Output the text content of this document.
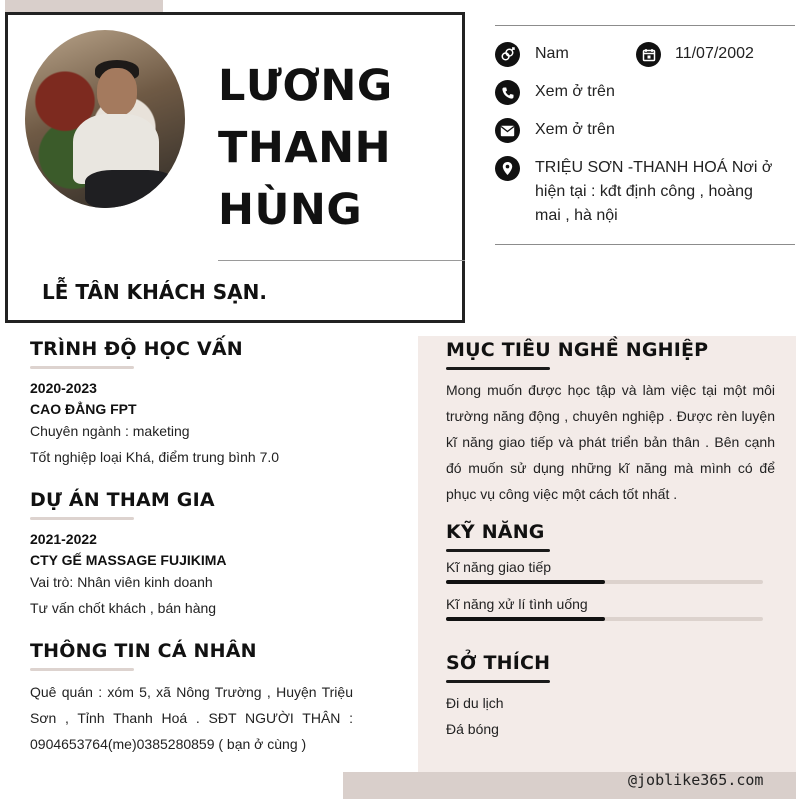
LƯƠNG
THANH
HÙNG
LỄ TÂN KHÁCH SẠN.
Nam	11/07/2002
Xem ở trên
Xem ở trên
TRIỆU SƠN -THANH HOÁ Nơi ở hiện tại : kđt định công , hoàng mai , hà nội
TRÌNH ĐỘ HỌC VẤN
2020-2023
CAO ĐẲNG FPT
Chuyên ngành : maketing
Tốt nghiệp loại Khá, điểm trung bình 7.0
DỰ ÁN THAM GIA
2021-2022
CTY GẾ MASSAGE FUJIKIMA
Vai trò: Nhân viên kinh doanh
Tư vấn chốt khách , bán hàng
THÔNG TIN CÁ NHÂN
Quê quán : xóm 5, xã Nông Trường , Huyện Triệu Sơn , Tỉnh Thanh Hoá . SĐT NGƯỜI THÂN : 0904653764(me)0385280859 ( bạn ở cùng )
MỤC TIÊU NGHỀ NGHIỆP
Mong muốn được học tập và làm việc tại một môi trường năng động , chuyên nghiệp . Được rèn luyện kĩ năng giao tiếp và phát triển bản thân . Bên cạnh đó muốn sử dụng những kĩ năng mà mình có để phục vụ công việc một cách tốt nhất .
KỸ NĂNG
Kĩ năng giao tiếp
Kĩ năng xử lí tình uống
SỞ THÍCH
Đi du lịch
Đá bóng
@joblike365.com
